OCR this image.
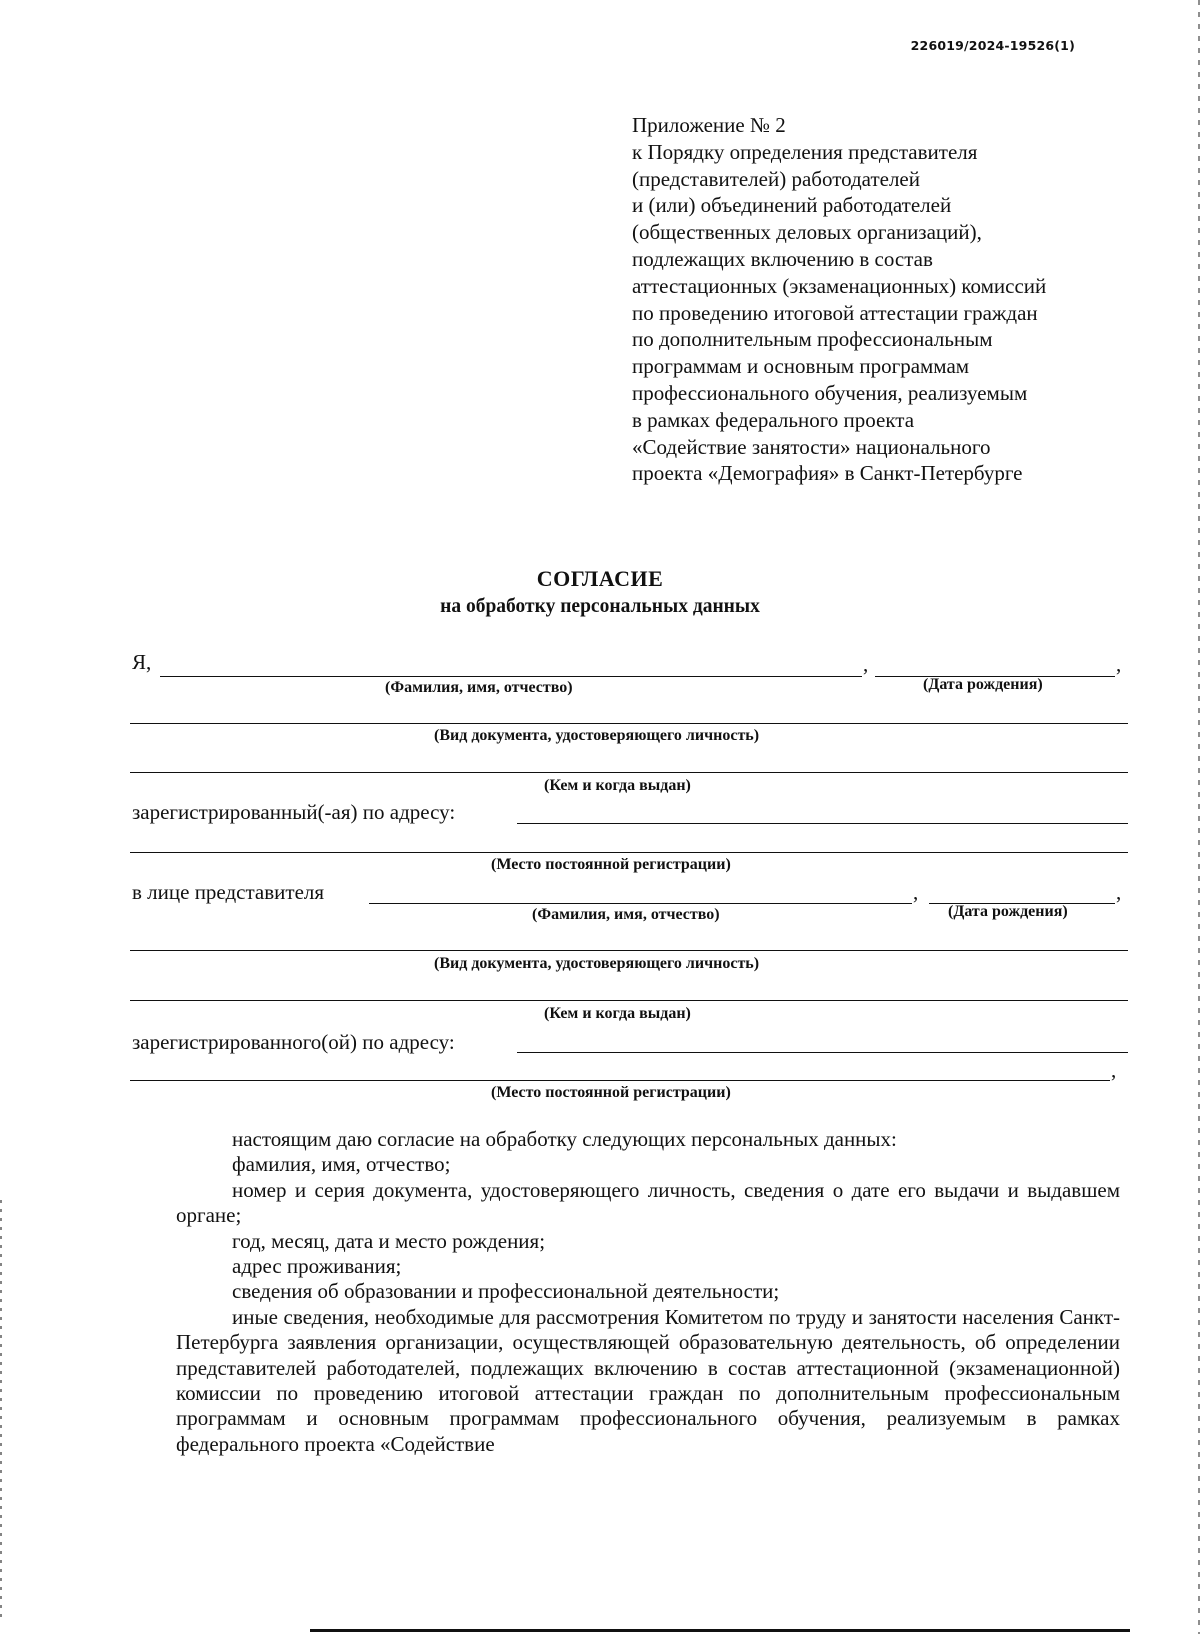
226019/2024-19526(1)
Приложение № 2
к Порядку определения представителя
(представителей) работодателей
и (или) объединений работодателей
(общественных деловых организаций),
подлежащих включению в состав
аттестационных (экзаменационных) комиссий
по проведению итоговой аттестации граждан
по дополнительным профессиональным
программам и основным программам
профессионального обучения, реализуемым
в рамках федерального проекта
«Содействие занятости» национального
проекта «Демография» в Санкт-Петербурге
СОГЛАСИЕ
на обработку персональных данных
Я,	,	,
(Фамилия, имя, отчество)	(Дата рождения)
(Вид документа, удостоверяющего личность)
(Кем и когда выдан)
зарегистрированный(-ая) по адресу:
(Место постоянной регистрации)
в лице представителя	,	,
(Фамилия, имя, отчество)	(Дата рождения)
(Вид документа, удостоверяющего личность)
(Кем и когда выдан)
зарегистрированного(ой) по адресу:
,
(Место постоянной регистрации)

настоящим даю согласие на обработку следующих персональных данных:

фамилия, имя, отчество;

номер и серия документа, удостоверяющего личность, сведения о дате его выдачи и выдавшем органе;

год, месяц, дата и место рождения;

адрес проживания;

сведения об образовании и профессиональной деятельности;

иные сведения, необходимые для рассмотрения Комитетом по труду и занятости населения Санкт-Петербурга заявления организации, осуществляющей образовательную деятельность, об определении представителей работодателей, подлежащих включению в состав аттестационной (экзаменационной) комиссии по проведению итоговой аттестации граждан по дополнительным профессиональным программам и основным программам профессионального обучения, реализуемым в рамках федерального проекта «Содействие
